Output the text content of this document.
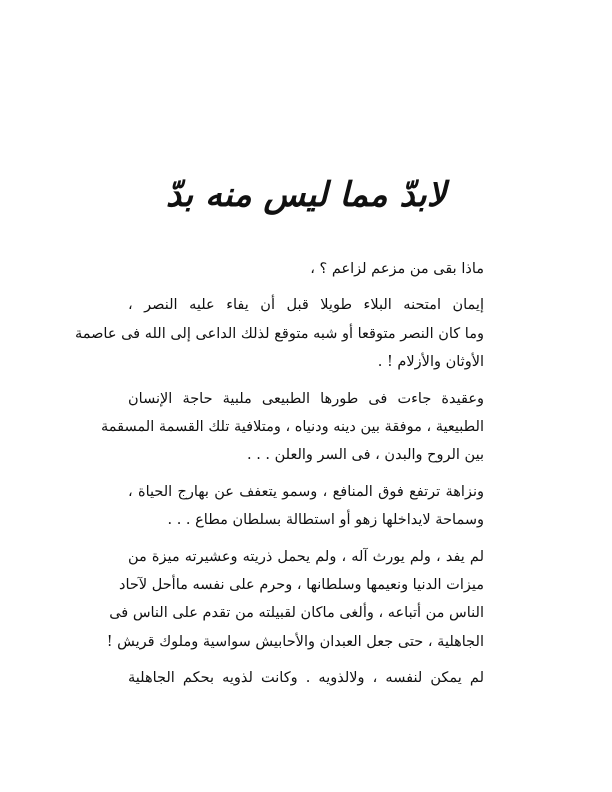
لابدّ مما ليس منه بدّ

ماذا بقى من مزعم لزاعم ؟ ،

إيمان امتحنه البلاء طويلا قبل أن يفاء عليه النصر ،
وما كان النصر متوقعا أو شبه متوقع لذلك الداعى إلى الله فى عاصمة
الأوثان والأزلام ! .

وعقيدة جاءت فى طورها الطبيعى ملبية حاجة الإنسان
الطبيعية ، موفقة بين دينه ودنياه ، ومتلافية تلك القسمة المسقمة
بين الروح والبدن ، فى السر والعلن . . .

ونزاهة ترتفع فوق المنافع ، وسمو يتعفف عن بهارج الحياة ،
وسماحة لايداخلها زهو أو استطالة بسلطان مطاع . . .

لم يفد ، ولم يورث آله ، ولم يحمل ذريته وعشيرته ميزة من
ميزات الدنيا ونعيمها وسلطانها ، وحرم على نفسه ماأحل لآحاد
الناس من أتباعه ، وألغى ماكان لقبيلته من تقدم على الناس فى
الجاهلية ، حتى جعل العبدان والأحابيش سواسية وملوك قريش !

لم يمكن لنفسه ، ولالذويه . وكانت لذويه بحكم الجاهلية
